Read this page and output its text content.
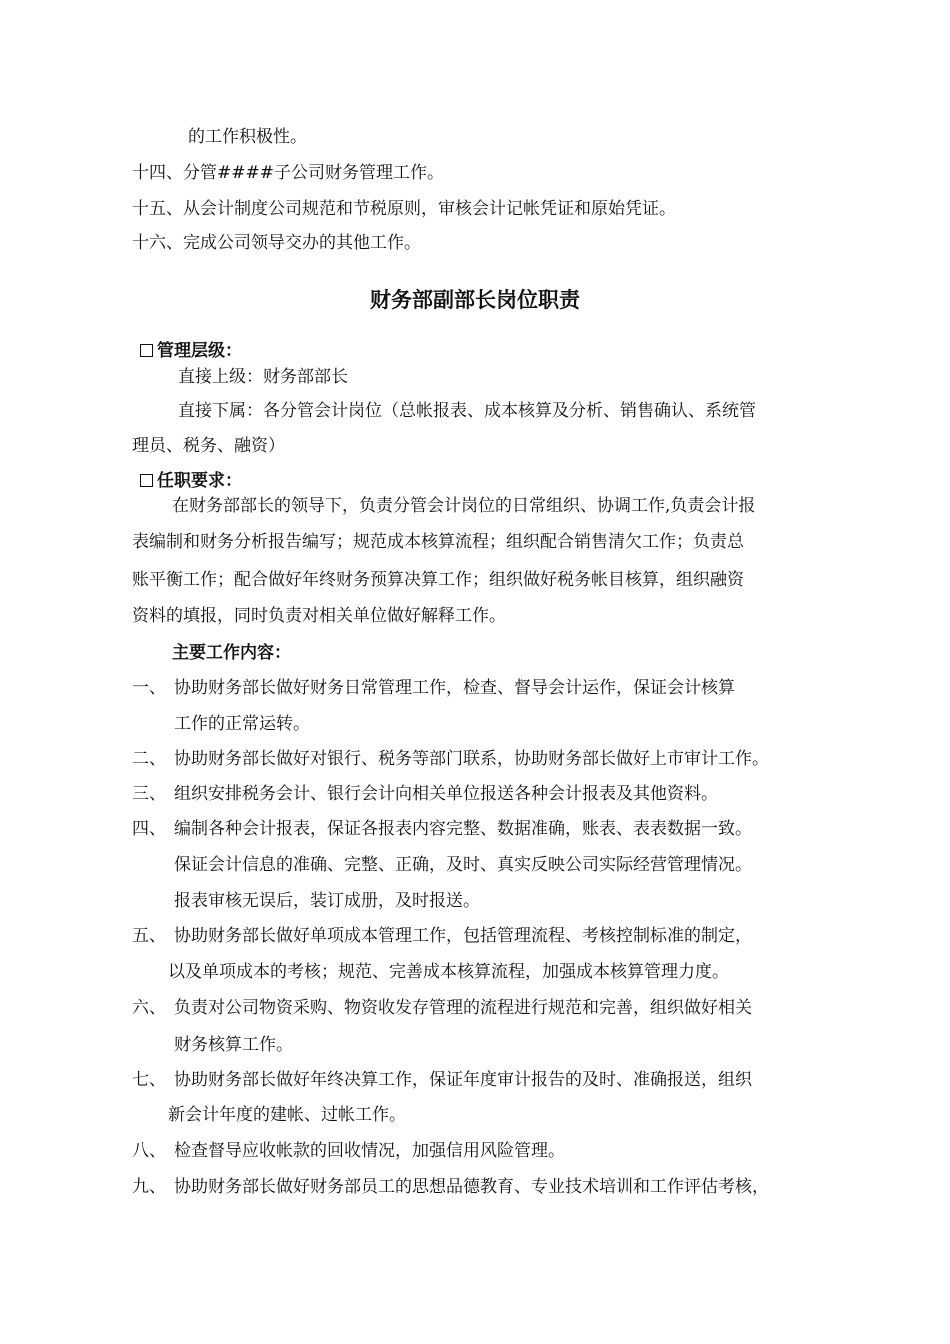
的工作积极性。
十四、分管####子公司财务管理工作。
十五、从会计制度公司规范和节税原则，审核会计记帐凭证和原始凭证。
十六、完成公司领导交办的其他工作。
财务部副部长岗位职责
管理层级：
直接上级：财务部部长
直接下属：各分管会计岗位（总帐报表、成本核算及分析、销售确认、系统管
理员、税务、融资）
任职要求：
在财务部部长的领导下，负责分管会计岗位的日常组织、协调工作,负责会计报
表编制和财务分析报告编写；规范成本核算流程；组织配合销售清欠工作；负责总
账平衡工作；配合做好年终财务预算决算工作；组织做好税务帐目核算，组织融资
资料的填报，同时负责对相关单位做好解释工作。
主要工作内容：
一、 协助财务部长做好财务日常管理工作，检查、督导会计运作，保证会计核算
工作的正常运转。
二、 协助财务部长做好对银行、税务等部门联系，协助财务部长做好上市审计工作。
三、 组织安排税务会计、银行会计向相关单位报送各种会计报表及其他资料。
四、 编制各种会计报表，保证各报表内容完整、数据准确，账表、表表数据一致。
保证会计信息的准确、完整、正确，及时、真实反映公司实际经营管理情况。
报表审核无误后，装订成册，及时报送。
五、 协助财务部长做好单项成本管理工作，包括管理流程、考核控制标准的制定，
以及单项成本的考核；规范、完善成本核算流程，加强成本核算管理力度。
六、 负责对公司物资采购、物资收发存管理的流程进行规范和完善，组织做好相关
财务核算工作。
七、 协助财务部长做好年终决算工作，保证年度审计报告的及时、准确报送，组织
新会计年度的建帐、过帐工作。
八、 检查督导应收帐款的回收情况，加强信用风险管理。
九、 协助财务部长做好财务部员工的思想品德教育、专业技术培训和工作评估考核，
